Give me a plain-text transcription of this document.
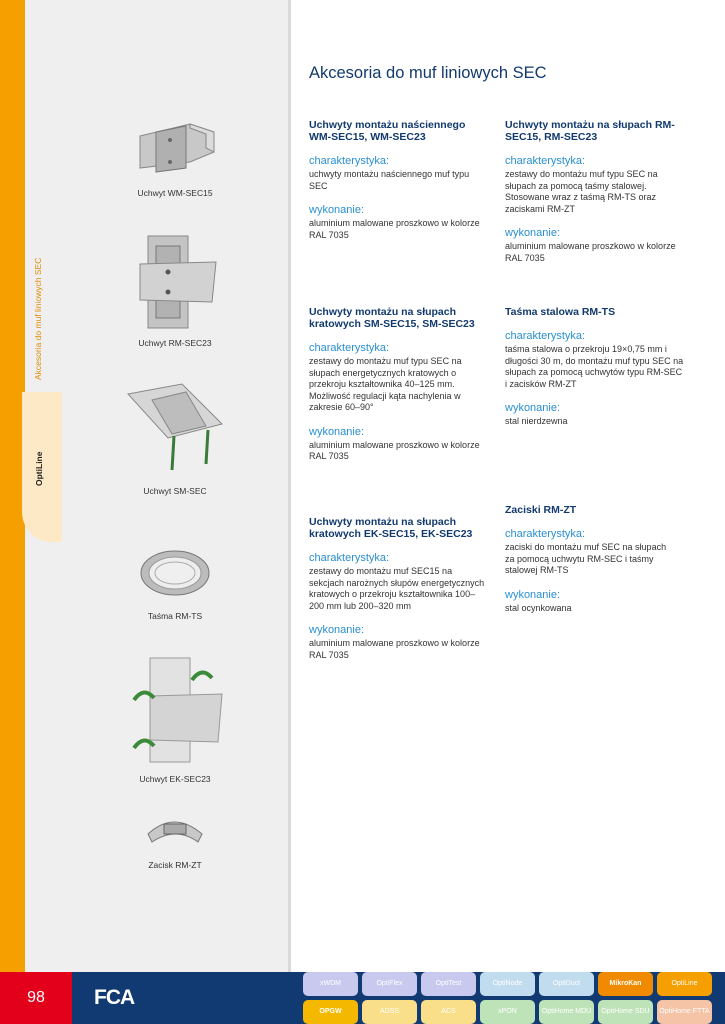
Akcesoria do muf liniowych SEC
OptiLine
Uchwyt WM-SEC15
Uchwyt RM-SEC23
Uchwyt SM-SEC
Taśma RM-TS
Uchwyt EK-SEC23
Zacisk RM-ZT
Akcesoria do muf liniowych SEC
Uchwyty montażu naściennego WM-SEC15, WM-SEC23
charakterystyka:

uchwyty montażu naściennego muf typu SEC

wykonanie:

aluminium malowane proszkowo w kolorze RAL 7035

Uchwyty montażu na słupach RM-SEC15, RM-SEC23
charakterystyka:

zestawy do montażu muf typu SEC na słupach za pomocą taśmy stalowej. Stosowane wraz z taśmą RM-TS oraz zaciskami RM-ZT

wykonanie:

aluminium malowane proszkowo w kolorze RAL 7035

Uchwyty montażu na słupach kratowych SM-SEC15, SM-SEC23
charakterystyka:

zestawy do montażu muf typu SEC na słupach energetycznych kratowych o przekroju kształtownika 40–125 mm. Możliwość regulacji kąta nachylenia w zakresie 60–90°

wykonanie:

aluminium malowane proszkowo w kolorze RAL 7035

Taśma stalowa RM-TS
charakterystyka:

taśma stalowa o przekroju 19×0,75 mm i długości 30 m, do montażu muf typu SEC na słupach za pomocą uchwytów typu RM-SEC i zacisków RM-ZT

wykonanie:

stal nierdzewna

Uchwyty montażu na słupach kratowych EK-SEC15, EK-SEC23
charakterystyka:

zestawy do montażu muf SEC15 na sekcjach narożnych słupów energetycznych kratowych o przekroju kształtownika 100–200 mm lub 200–320 mm

wykonanie:

aluminium malowane proszkowo w kolorze RAL 7035

Zaciski RM-ZT
charakterystyka:

zaciski do montażu muf SEC na słupach za pomocą uchwytu RM-SEC i taśmy stalowej RM-TS

wykonanie:

stal ocynkowana

98	FCA
xWDM	OptiFlex	OptiTest	OptiNode	OptiDuct	MikroKan	OptiLine
OPGW	ADSS	ACS	xPON	OptiHome MDU	OptiHome SDU	OptiHome FTTA
